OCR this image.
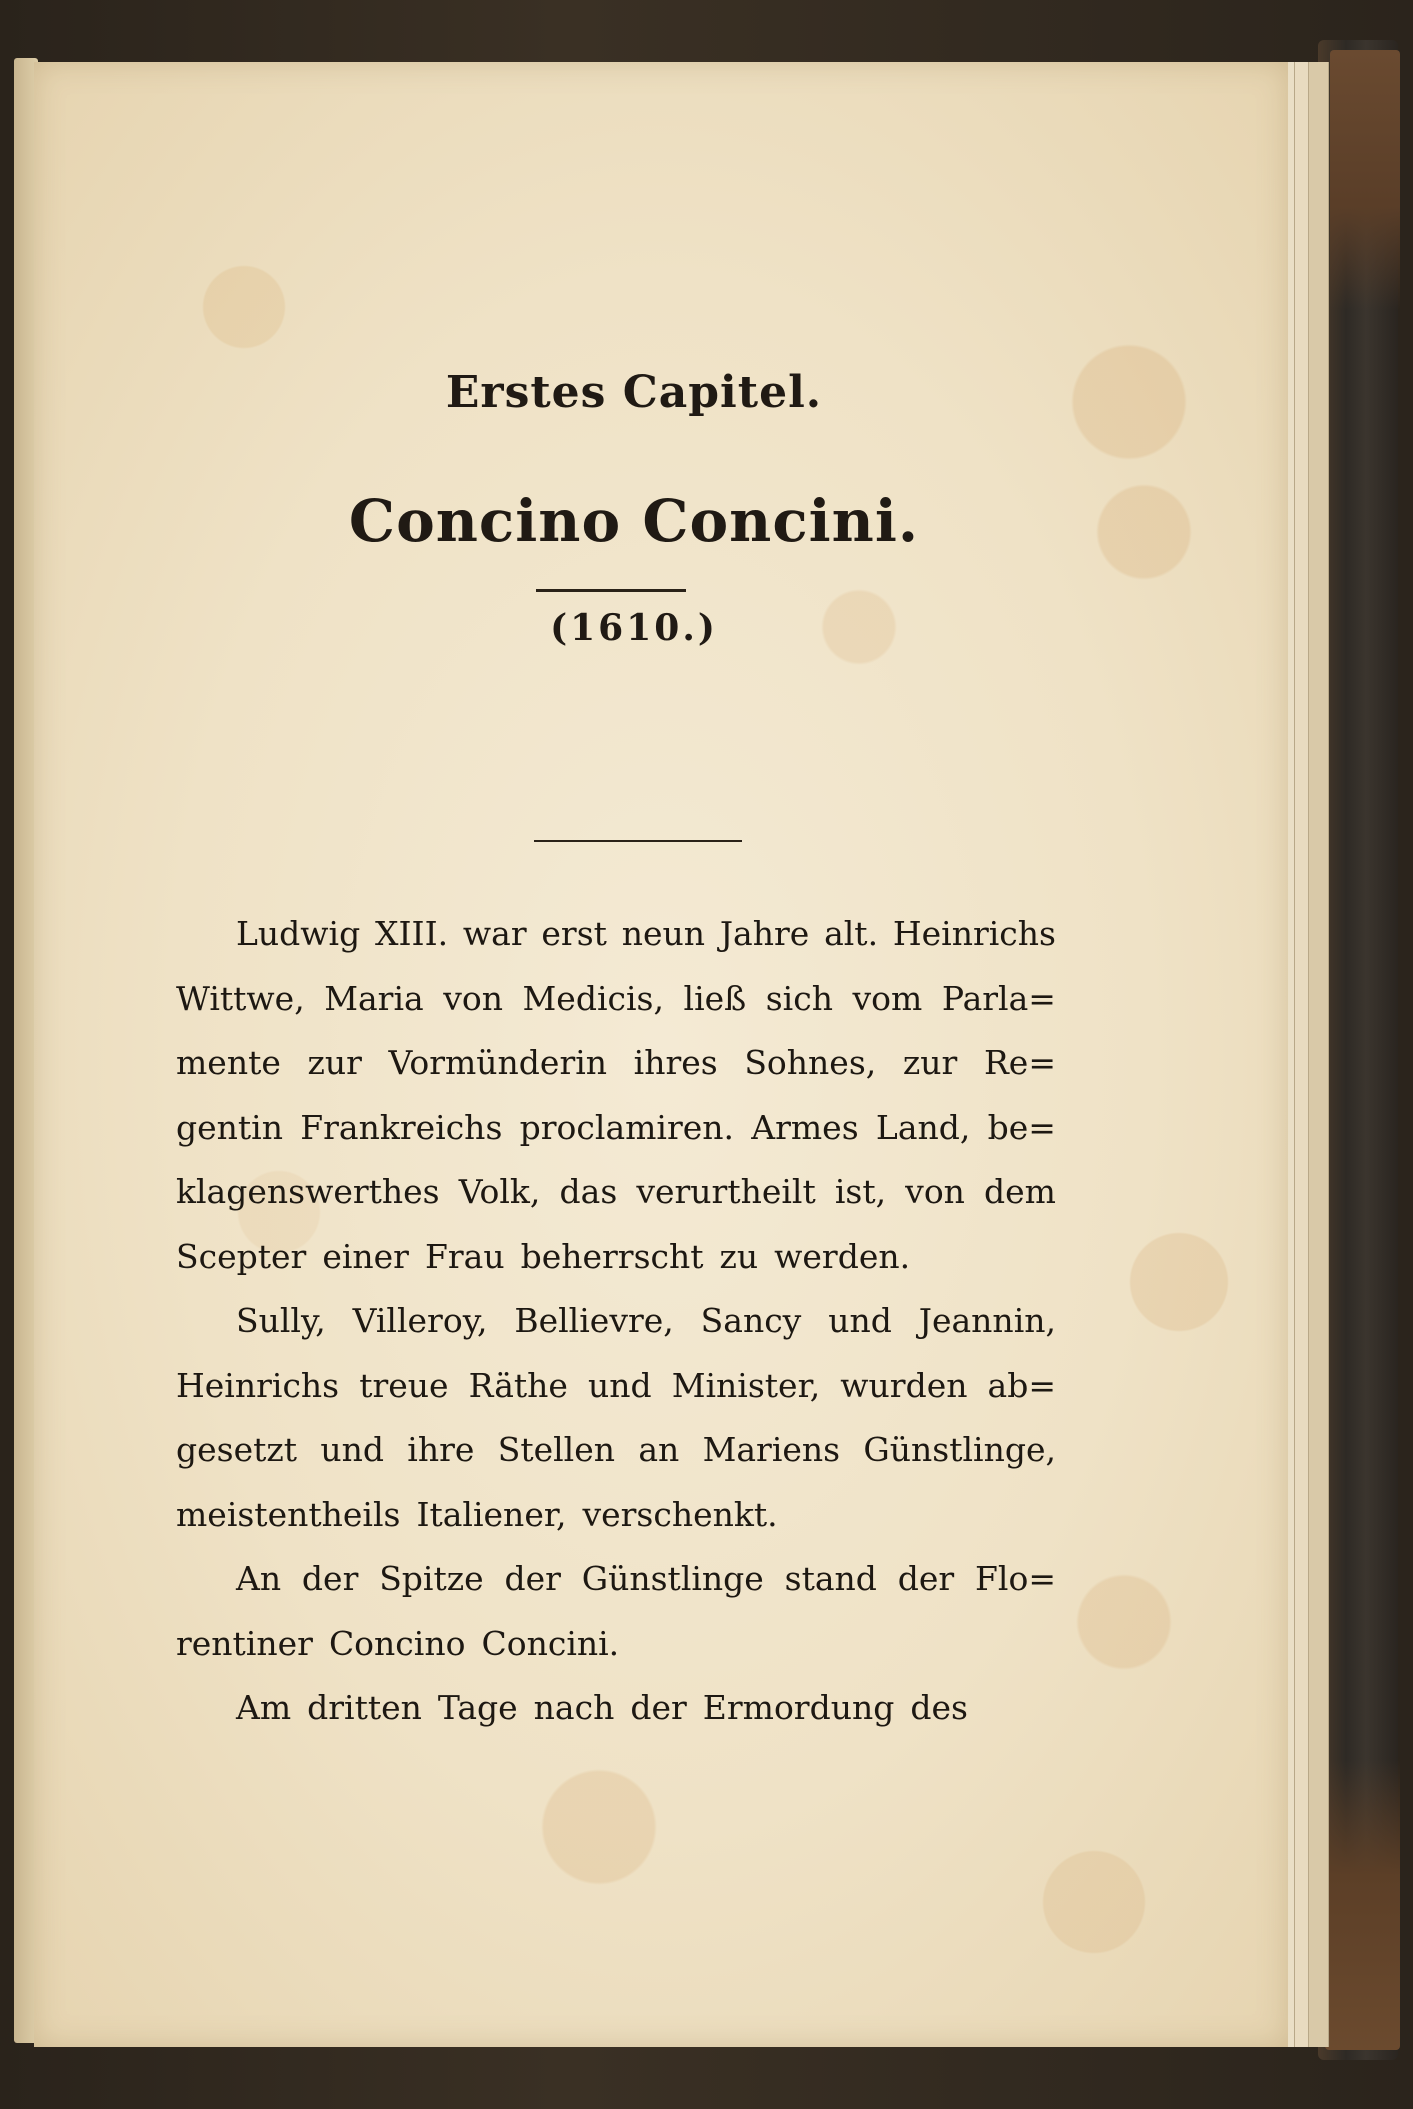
Erstes Capitel.
Concino Concini.
(1610.)
Ludwig XIII. war erst neun Jahre alt. Heinrichs
Wittwe, Maria von Medicis, ließ sich vom Parla=
mente zur Vormünderin ihres Sohnes, zur Re=
gentin Frankreichs proclamiren. Armes Land, be=
klagenswerthes Volk, das verurtheilt ist, von dem
Scepter einer Frau beherrscht zu werden.
Sully, Villeroy, Bellievre, Sancy und Jeannin,
Heinrichs treue Räthe und Minister, wurden ab=
gesetzt und ihre Stellen an Mariens Günstlinge,
meistentheils Italiener, verschenkt.
An der Spitze der Günstlinge stand der Flo=
rentiner Concino Concini.
Am dritten Tage nach der Ermordung des
